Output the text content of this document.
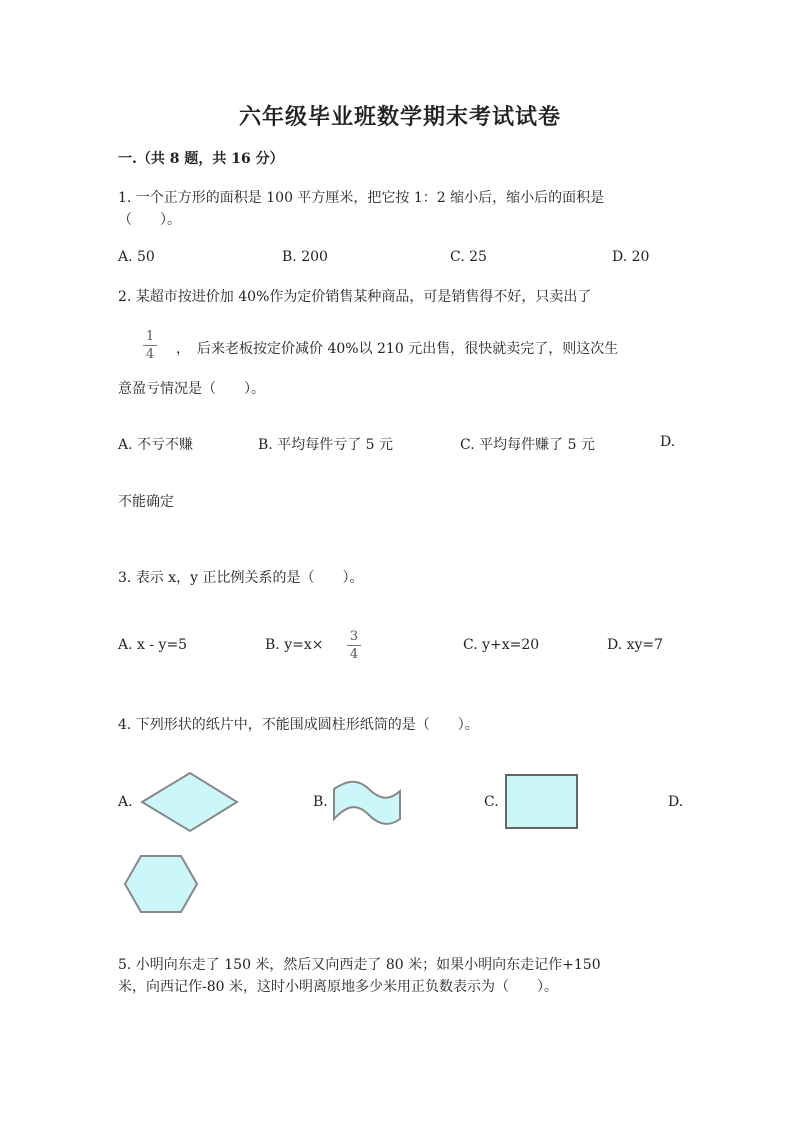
六年级毕业班数学期末考试试卷
一.（共 8 题，共 16 分）
1. 一个正方形的面积是 100 平方厘米，把它按 1：2 缩小后，缩小后的面积是
（　　）。
A. 50	B. 200	C. 25	D. 20
2. 某超市按进价加 40%作为定价销售某种商品，可是销售得不好，只卖出了
1
4 ，　后来老板按定价减价 40%以 210 元出售，很快就卖完了，则这次生
意盈亏情况是（　　）。
A. 不亏不赚	B. 平均每件亏了 5 元	C. 平均每件赚了 5 元	D.
不能确定
3. 表示 x，y 正比例关系的是（　　）。
A. x - y=5	B. y=x×
3
4
C. y+x=20	D. xy=7
4. 下列形状的纸片中，不能围成圆柱形纸筒的是（　　）。
A.	B.	C.	D.
5. 小明向东走了 150 米，然后又向西走了 80 米；如果小明向东走记作+150
米，向西记作-80 米，这时小明离原地多少米用正负数表示为（　　）。
